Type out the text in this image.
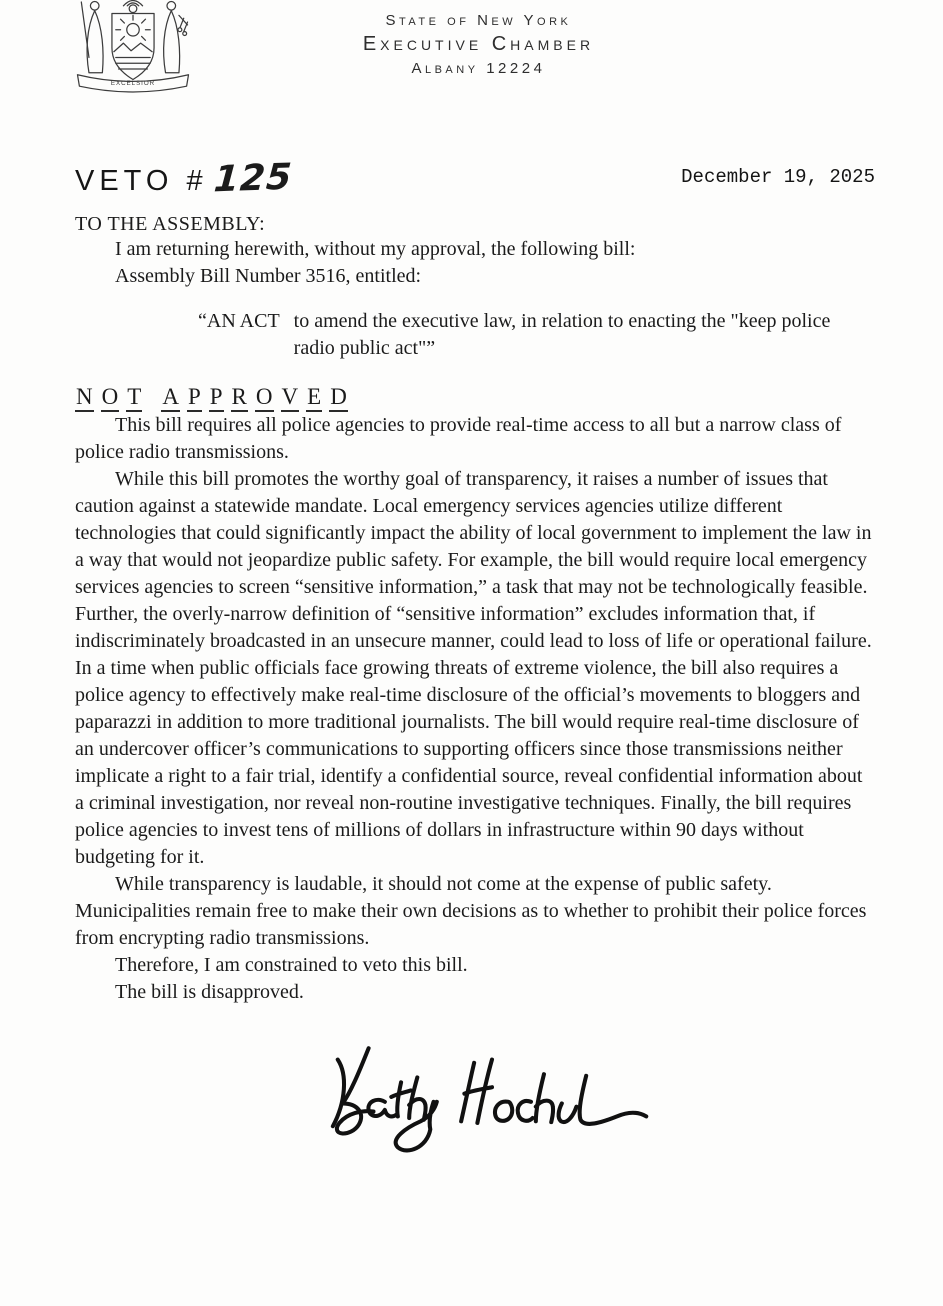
EXCELSIOR
State of New York
Executive Chamber
Albany 12224
VETO # 125	December 19, 2025
TO THE ASSEMBLY:

I am returning herewith, without my approval, the following bill:

Assembly Bill Number 3516, entitled:

“AN ACT to amend the executive law, in relation to enacting the "keep police radio public act"”
N O T A P P R O V E D

This bill requires all police agencies to provide real-time access to all but a narrow class of police radio transmissions.

While this bill promotes the worthy goal of transparency, it raises a number of issues that caution against a statewide mandate. Local emergency services agencies utilize different technologies that could significantly impact the ability of local government to implement the law in a way that would not jeopardize public safety. For example, the bill would require local emergency services agencies to screen “sensitive information,” a task that may not be technologically feasible. Further, the overly-narrow definition of “sensitive information” excludes information that, if indiscriminately broadcasted in an unsecure manner, could lead to loss of life or operational failure. In a time when public officials face growing threats of extreme violence, the bill also requires a police agency to effectively make real-time disclosure of the official’s movements to bloggers and paparazzi in addition to more traditional journalists. The bill would require real-time disclosure of an undercover officer’s communications to supporting officers since those transmissions neither implicate a right to a fair trial, identify a confidential source, reveal confidential information about a criminal investigation, nor reveal non-routine investigative techniques. Finally, the bill requires police agencies to invest tens of millions of dollars in infrastructure within 90 days without budgeting for it.

While transparency is laudable, it should not come at the expense of public safety. Municipalities remain free to make their own decisions as to whether to prohibit their police forces from encrypting radio transmissions.

Therefore, I am constrained to veto this bill.

The bill is disapproved.
